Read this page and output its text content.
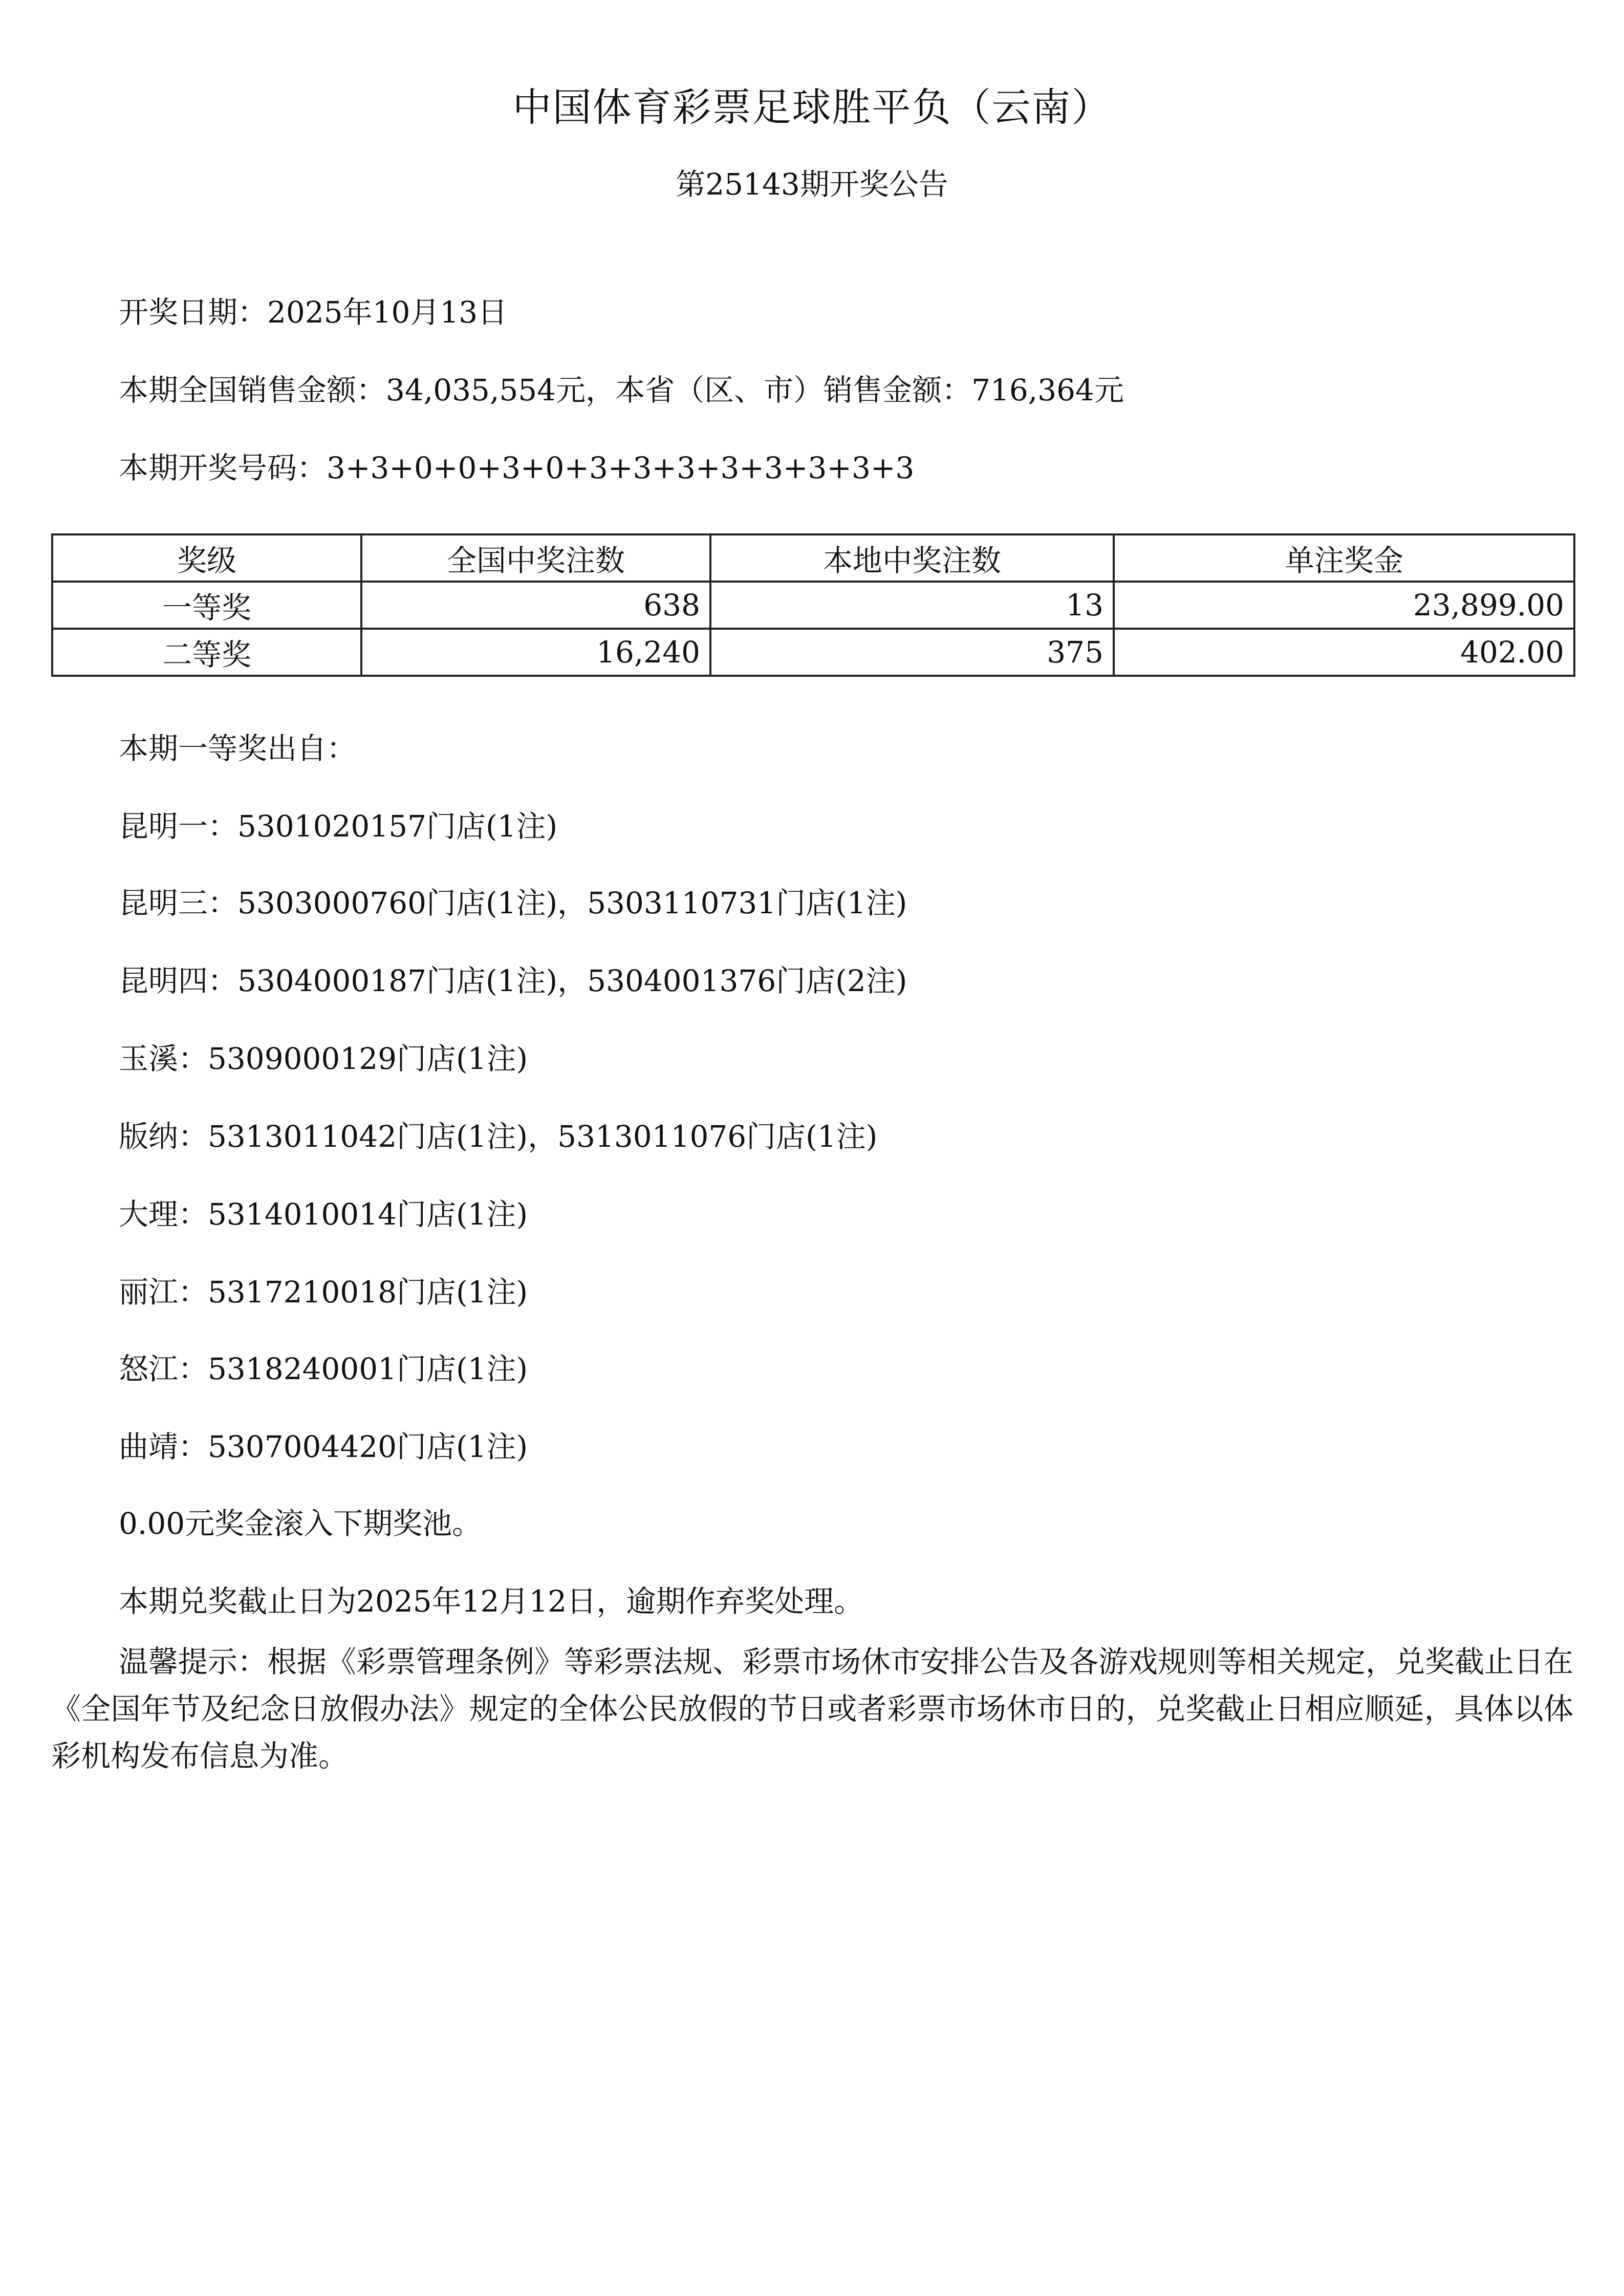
中国体育彩票足球胜平负（云南）
第25143期开奖公告
开奖日期：2025年10月13日
本期全国销售金额：34,035,554元，本省（区、市）销售金额：716,364元
本期开奖号码：3+3+0+0+3+0+3+3+3+3+3+3+3+3
奖级	全国中奖注数	本地中奖注数	单注奖金
一等奖	638	13	23,899.00
二等奖	16,240	375	402.00
本期一等奖出自：
昆明一：5301020157门店(1注)
昆明三：5303000760门店(1注)，5303110731门店(1注)
昆明四：5304000187门店(1注)，5304001376门店(2注)
玉溪：5309000129门店(1注)
版纳：5313011042门店(1注)，5313011076门店(1注)
大理：5314010014门店(1注)
丽江：5317210018门店(1注)
怒江：5318240001门店(1注)
曲靖：5307004420门店(1注)
0.00元奖金滚入下期奖池。
本期兑奖截止日为2025年12月12日，逾期作弃奖处理。
温馨提示：根据《彩票管理条例》等彩票法规、彩票市场休市安排公告及各游戏规则等相关规定，兑奖截止日在《全国年节及纪念日放假办法》规定的全体公民放假的节日或者彩票市场休市日的，兑奖截止日相应顺延，具体以体彩机构发布信息为准。
